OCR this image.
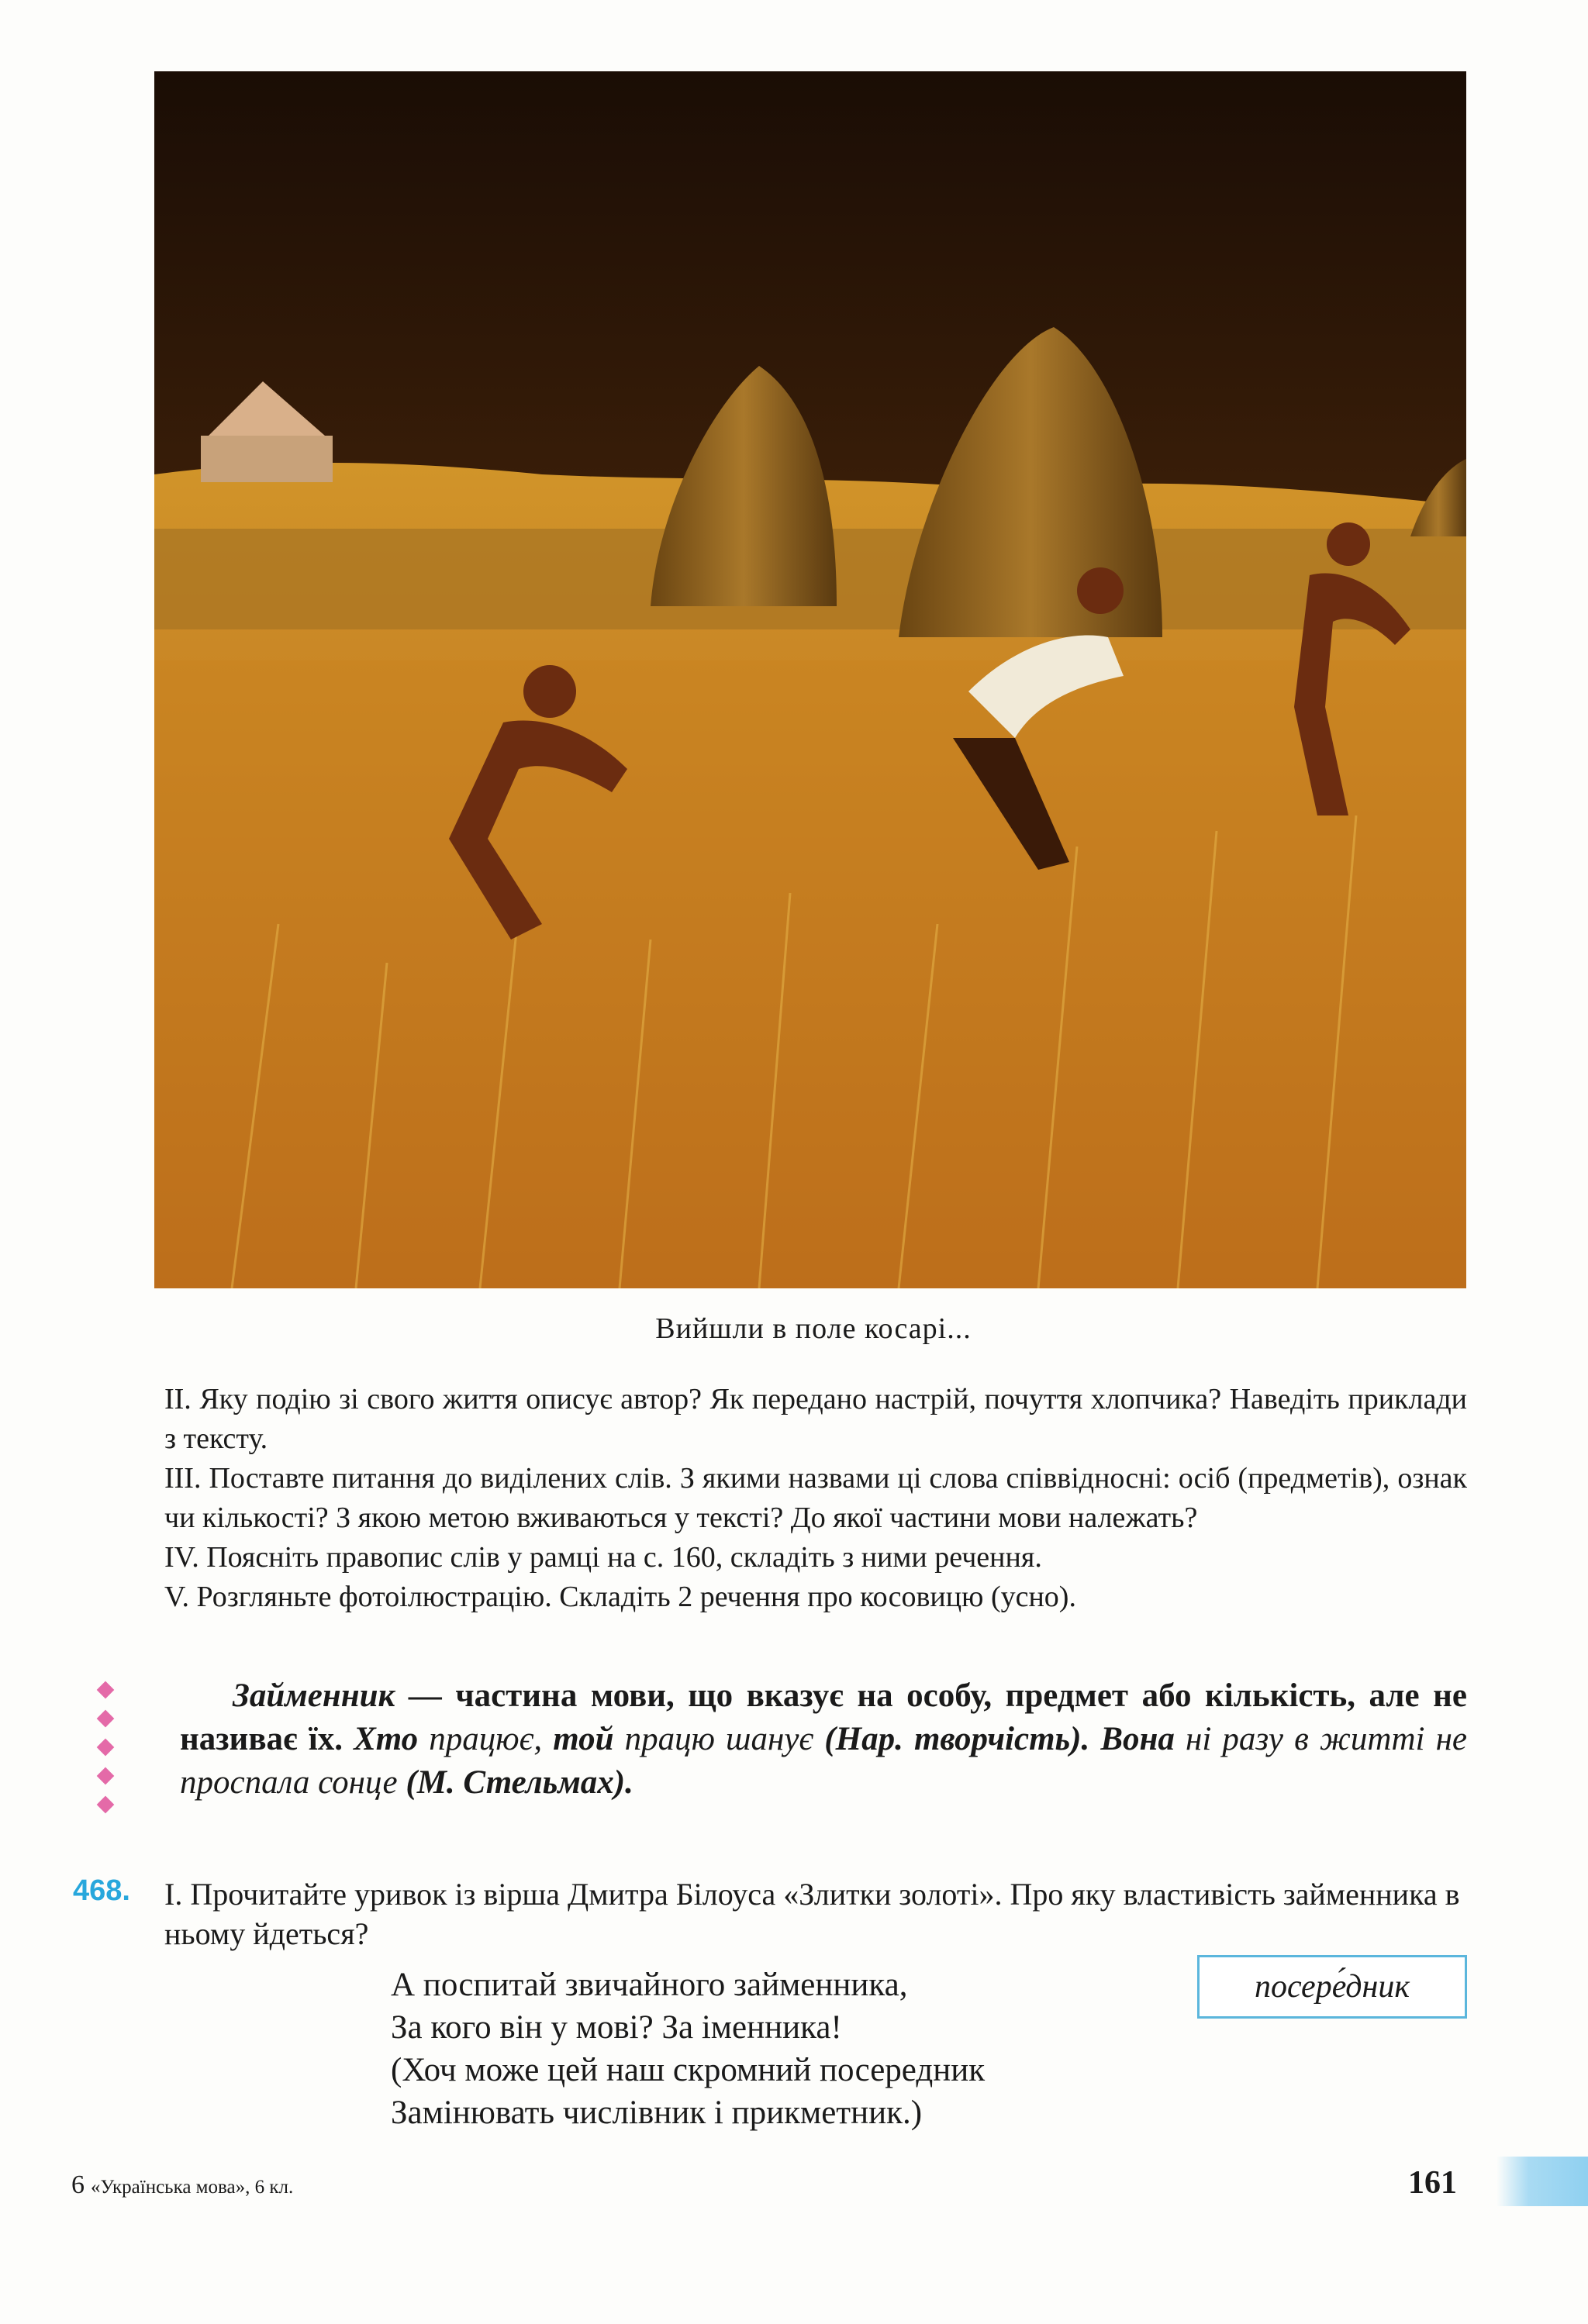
Вийшли в поле косарі...

II. Яку подію зі свого життя описує автор? Як передано настрій, почуття хлопчика? Наведіть приклади з тексту.

III. Поставте питання до виділених слів. З якими назвами ці слова співвідносні: осіб (предметів), ознак чи кількості? З якою метою вживаються у тексті? До якої частини мови належать?

IV. Поясніть правопис слів у рамці на с. 160, складіть з ними речення.

V. Розгляньте фотоілюстрацію. Складіть 2 речення про косовицю (усно).

Займенник — частина мови, що вказує на особу, предмет або кількість, але не називає їх. Хто працює, той працю шанує (Нар. творчість). Вона ні разу в житті не проспала сонце (М. Стельмах).
468. I. Прочитайте уривок із вірша Дмитра Білоуса «Злитки золоті». Про яку властивість займенника в ньому йдеться?
А поспитай звичайного займенника,
За кого він у мові? За іменника!
(Хоч може цей наш скромний посередник
Замінювать числівник і прикметник.)
посере́дник
6 «Українська мова», 6 кл.	161
